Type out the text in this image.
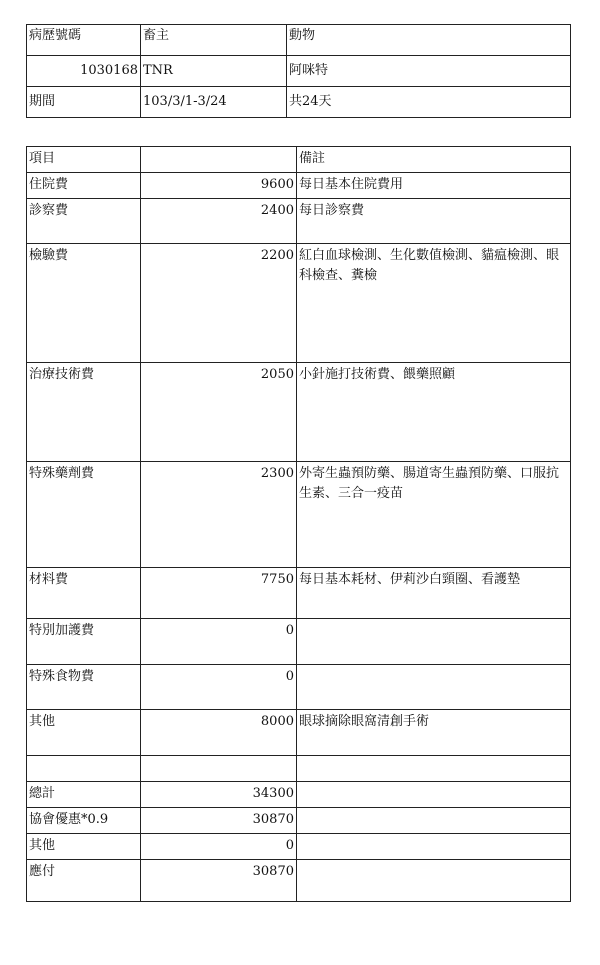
病歷號碼	畜主	動物
1030168	TNR	阿咪特
期間	103/3/1-3/24	共24天
項目		備註
住院費	9600	每日基本住院費用
診察費	2400	每日診察費
檢驗費	2200	紅白血球檢測、生化數值檢測、貓瘟檢測、眼科檢查、糞檢
治療技術費	2050	小針施打技術費、餵藥照顧
特殊藥劑費	2300	外寄生蟲預防藥、腸道寄生蟲預防藥、口服抗生素、三合一疫苗
材料費	7750	每日基本耗材、伊莉沙白頸圈、看護墊
特別加護費	0	
特殊食物費	0	
其他	8000	眼球摘除眼窩清創手術

總計	34300	
協會優惠*0.9	30870	
其他	0	
應付	30870	
